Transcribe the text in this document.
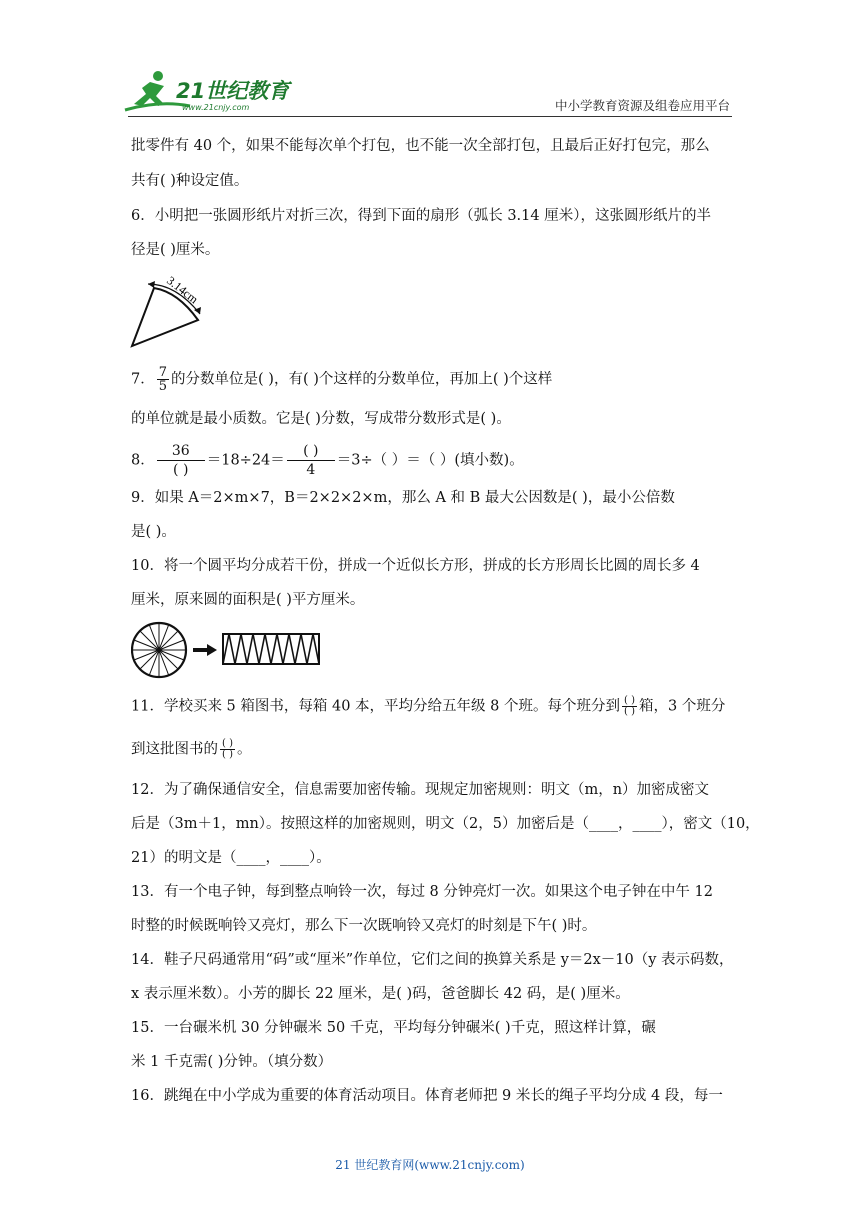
21世纪教育
www.21cnjy.com	中小学教育资源及组卷应用平台
批零件有 40 个，如果不能每次单个打包，也不能一次全部打包，且最后正好打包完，那么
共有( )种设定值。
6．小明把一张圆形纸片对折三次，得到下面的扇形（弧长 3.14 厘米），这张圆形纸片的半
径是( )厘米。
3.14cm
7． $\frac{7}{5}$ 的分数单位是( )，有( )个这样的分数单位，再加上( )个这样
的单位就是最小质数。它是( )分数，写成带分数形式是( )。
8． $\frac{36}{( )} =18\div 24= \frac{( )}{4} =3\div$（ ）＝（ ）(填小数)。
9．如果 A＝2×m×7，B＝2×2×2×m，那么 A 和 B 最大公因数是( )，最小公倍数
是( )。
10．将一个圆平均分成若干份，拼成一个近似长方形，拼成的长方形周长比圆的周长多 4
厘米，原来圆的面积是( )平方厘米。
11．学校买来 5 箱图书，每箱 40 本，平均分给五年级 8 个班。每个班分到 $\frac{( )}{( )}$ 箱，3 个班分
到这批图书的 $\frac{( )}{( )}$ 。
12．为了确保通信安全，信息需要加密传输。现规定加密规则：明文（m，n）加密成密文
后是（3m＋1，mn）。按照这样的加密规则，明文（2，5）加密后是（____，____），密文（10，
21）的明文是（____，____）。
13．有一个电子钟，每到整点响铃一次，每过 8 分钟亮灯一次。如果这个电子钟在中午 12
时整的时候既响铃又亮灯，那么下一次既响铃又亮灯的时刻是下午( )时。
14．鞋子尺码通常用“码”或“厘米”作单位，它们之间的换算关系是 y＝2x－10（y 表示码数，
x 表示厘米数）。小芳的脚长 22 厘米，是( )码，爸爸脚长 42 码，是( )厘米。
15．一台碾米机 30 分钟碾米 50 千克，平均每分钟碾米( )千克，照这样计算，碾
米 1 千克需( )分钟。（填分数）
16．跳绳在中小学成为重要的体育活动项目。体育老师把 9 米长的绳子平均分成 4 段，每一
21 世纪教育网(www.21cnjy.com)
